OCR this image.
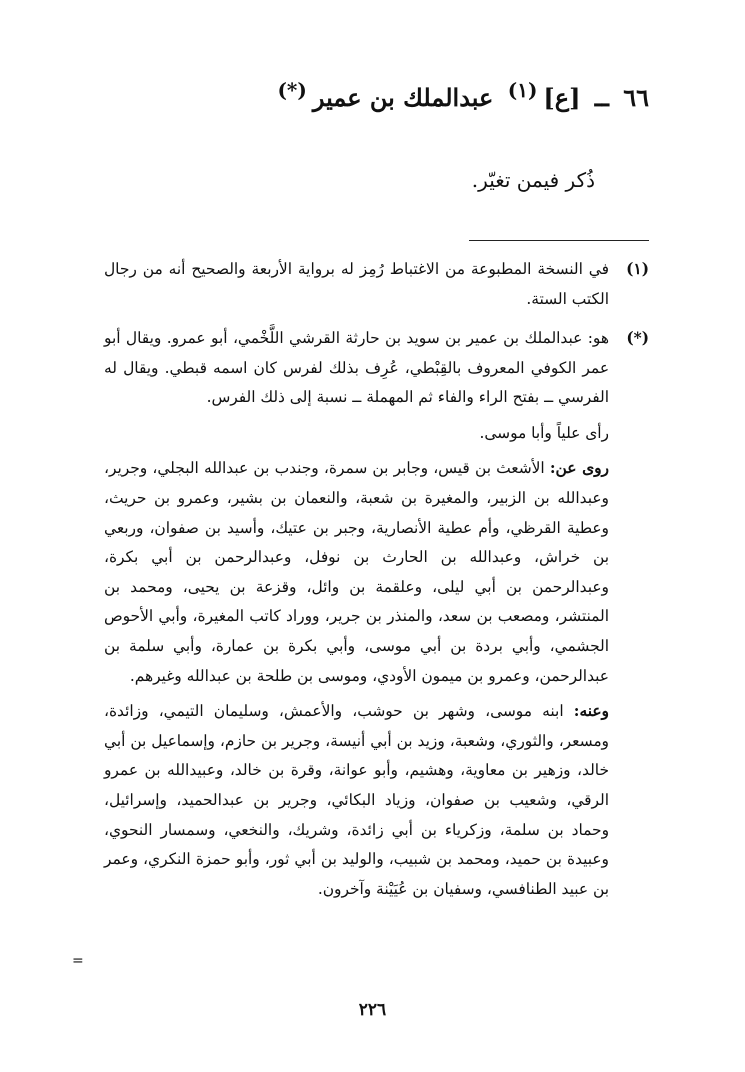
٦٦ ــ [ع]$^{(١)}$ عبدالملك بن عمير(*)
ذُكر فيمن تغيّر.
(١)
في النسخة المطبوعة من الاغتباط رُمِز له برواية الأربعة والصحيح أنه من رجال الكتب الستة.
(*)
هو: عبدالملك بن عمير بن سويد بن حارثة القرشي اللَّخْمي، أبو عمرو. ويقال أبو عمر الكوفي المعروف بالقِبْطي، عُرِف بذلك لفرس كان اسمه قبطي. ويقال له الفرسي ــ بفتح الراء والفاء ثم المهملة ــ نسبة إلى ذلك الفرس.
رأى علياً وأبا موسى.
روى عن: الأشعث بن قيس، وجابر بن سمرة، وجندب بن عبدالله البجلي، وجرير، وعبدالله بن الزبير، والمغيرة بن شعبة، والنعمان بن بشير، وعمرو بن حريث، وعطية القرظي، وأم عطية الأنصارية، وجبر بن عتيك، وأسيد بن صفوان، وربعي بن خراش، وعبدالله بن الحارث بن نوفل، وعبدالرحمن بن أبي بكرة، وعبدالرحمن بن أبي ليلى، وعلقمة بن وائل، وقزعة بن يحيى، ومحمد بن المنتشر، ومصعب بن سعد، والمنذر بن جرير، ووراد كاتب المغيرة، وأبي الأحوص الجشمي، وأبي بردة بن أبي موسى، وأبي بكرة بن عمارة، وأبي سلمة بن عبدالرحمن، وعمرو بن ميمون الأودي، وموسى بن طلحة بن عبدالله وغيرهم.
وعنه: ابنه موسى، وشهر بن حوشب، والأعمش، وسليمان التيمي، وزائدة، ومسعر، والثوري، وشعبة، وزيد بن أبي أنيسة، وجرير بن حازم، وإسماعيل بن أبي خالد، وزهير بن معاوية، وهشيم، وأبو عوانة، وقرة بن خالد، وعبيدالله بن عمرو الرقي، وشعيب بن صفوان، وزياد البكائي، وجرير بن عبدالحميد، وإسرائيل، وحماد بن سلمة، وزكرياء بن أبي زائدة، وشريك، والنخعي، وسمسار النحوي، وعبيدة بن حميد، ومحمد بن شبيب، والوليد بن أبي ثور، وأبو حمزة النكري، وعمر بن عبيد الطنافسي، وسفيان بن عُيَيْنة وآخرون.
=
٢٢٦
